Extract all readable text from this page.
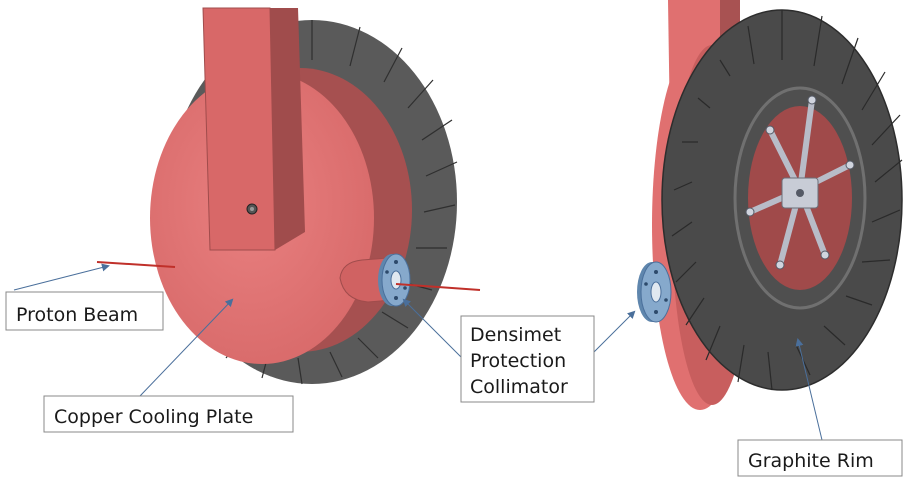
Proton Beam
Copper Cooling Plate
Densimet
Protection
Collimator
Graphite Rim
